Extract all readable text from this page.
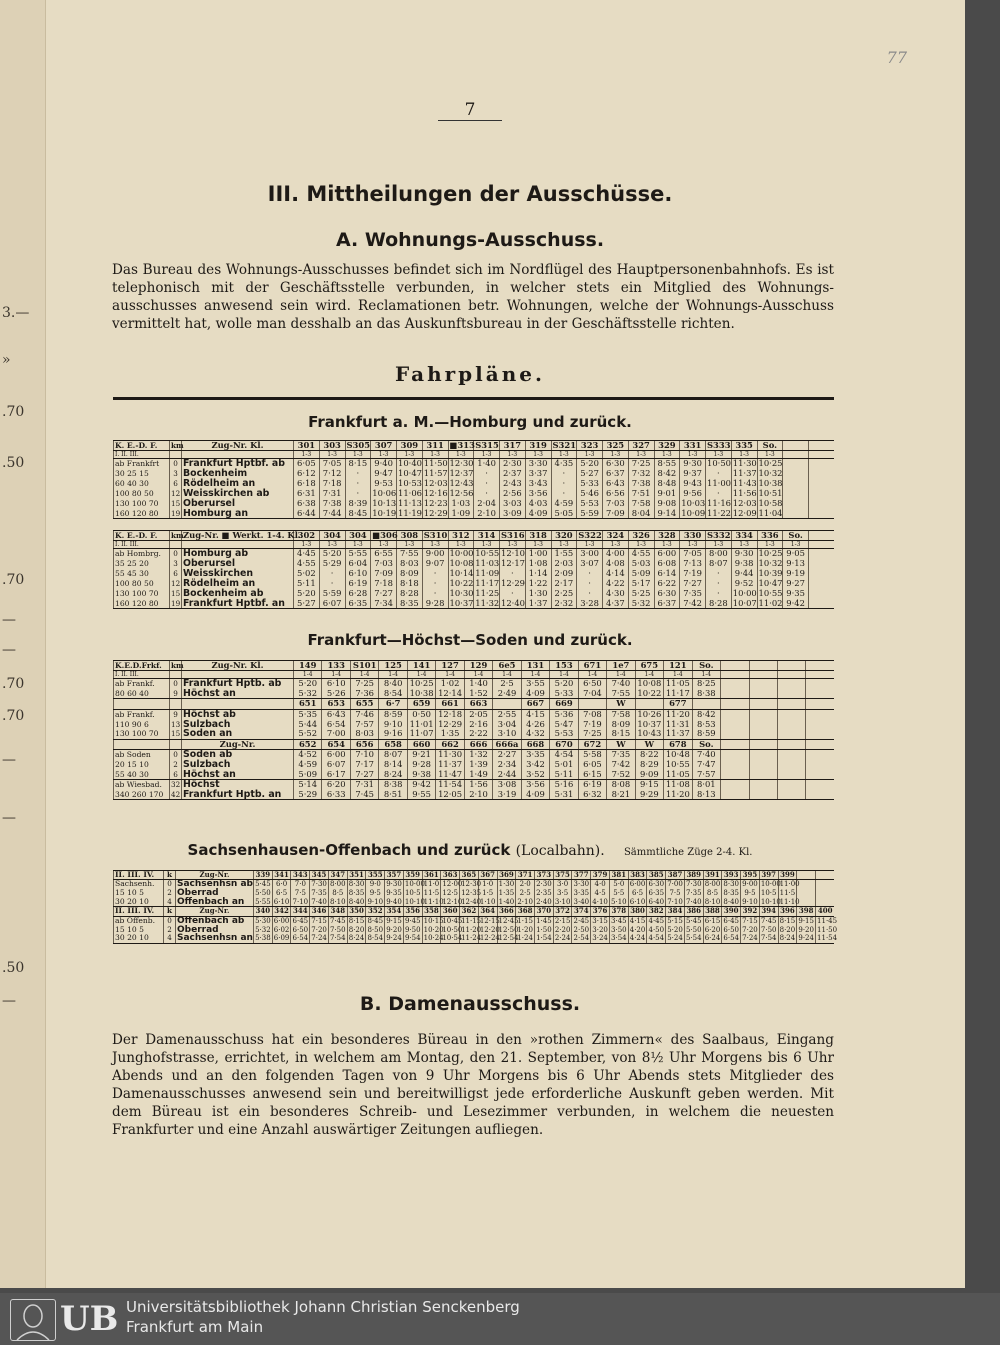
3.—
»
.70
.50
.70
—
—
.70
.70
—
—
.50
—
77
7
III. Mittheilungen der Ausschüsse.
A. Wohnungs-Ausschuss.
Das Bureau des Wohnungs-Ausschusses befindet sich im Nordflügel des Hauptpersonenbahnhofs. Es ist telephonisch mit der Geschäftsstelle verbunden, in welcher stets ein Mitglied des Wohnungs-ausschusses anwesend sein wird. Reclamationen betr. Wohnungen, welche der Wohnungs-Ausschuss vermittelt hat, wolle man desshalb an das Auskunftsbureau in der Geschäftsstelle richten.
Fahrpläne.
Frankfurt a. M.—Homburg und zurück.
K. E.-D. F.	km	Zug-Nr. Kl.	301	303	S305	307	309	311	■313	S315	317	319	S321	323	325	327	329	331	S333	335	So.		
I. II. III.			1-3	1-3	1-3	1-3	1-3	1-3	1-3	1-3	1-3	1-3	1-3	1-3	1-3	1-3	1-3	1-3	1-3	1-3	1-3		
ab Frankfrt	0	Frankfurt Hptbf. ab	6·05	7·05	8·15	9·40	10·40	11·50	12·30	1·40	2·30	3·30	4·35	5·20	6·30	7·25	8·55	9·30	10·50	11·30	10·25		
30 25 15	3	Bockenheim	6·12	7·12	·	9·47	10·47	11·57	12·37	·	2·37	3·37	·	5·27	6·37	7·32	8·42	9·37	·	11·37	10·32		
60 40 30	6	Rödelheim an	6·18	7·18	·	9·53	10·53	12·03	12·43	·	2·43	3·43	·	5·33	6·43	7·38	8·48	9·43	11·00	11·43	10·38		
100 80 50	12	Weisskirchen ab	6·31	7·31	·	10·06	11·06	12·16	12·56	·	2·56	3·56	·	5·46	6·56	7·51	9·01	9·56	·	11·56	10·51		
130 100 70	15	Oberursel	6·38	7·38	8·39	10·13	11·13	12·23	1·03	2·04	3·03	4·03	4·59	5·53	7·03	7·58	9·08	10·03	11·16	12·03	10·58		
160 120 80	19	Homburg an	6·44	7·44	8·45	10·19	11·19	12·29	1·09	2·10	3·09	4·09	5·05	5·59	7·09	8·04	9·14	10·09	11·22	12·09	11·04		
K. E.-D. F.	km	Zug-Nr. ■ Werkt. 1-4. Kl.	302	304	304	■306	308	S310	312	314	S316	318	320	S322	324	326	328	330	S332	334	336	So.	
I. II. III.			1-3	1-3	1-3	1-3	1-3	1-3	1-3	1-3	1-3	1-3	1-3	1-3	1-3	1-3	1-3	1-3	1-3	1-3	1-3	1-3	
ab Hombrg.	0	Homburg ab	4·45	5·20	5·55	6·55	7·55	9·00	10·00	10·55	12·10	1·00	1·55	3·00	4·00	4·55	6·00	7·05	8·00	9·30	10·25	9·05	
35 25 20	3	Oberursel	4·55	5·29	6·04	7·03	8·03	9·07	10·08	11·03	12·17	1·08	2·03	3·07	4·08	5·03	6·08	7·13	8·07	9·38	10·32	9·13	
55 45 30	6	Weisskirchen	5·02	·	6·10	7·09	8·09	·	10·14	11·09	·	1·14	2·09	·	4·14	5·09	6·14	7·19	·	9·44	10·39	9·19	
100 80 50	12	Rödelheim an	5·11	·	6·19	7·18	8·18	·	10·22	11·17	12·29	1·22	2·17	·	4·22	5·17	6·22	7·27	·	9·52	10·47	9·27	
130 100 70	15	Bockenheim ab	5·20	5·59	6·28	7·27	8·28	·	10·30	11·25	·	1·30	2·25	·	4·30	5·25	6·30	7·35	·	10·00	10·55	9·35	
160 120 80	19	Frankfurt Hptbf. an	5·27	6·07	6·35	7·34	8·35	9·28	10·37	11·32	12·40	1·37	2·32	3·28	4·37	5·32	6·37	7·42	8·28	10·07	11·02	9·42	
Frankfurt—Höchst—Soden und zurück.
K.E.D.Frkf.	km	Zug-Nr. Kl.	149	133	S101	125	141	127	129	6e5	131	153	671	1e7	675	121	So.				
I. II. III.			1-4	1-4	1-4	1-4	1-4	1-4	1-4	1-4	1-4	1-4	1-4	1-4	1-4	1-4	1-4				
ab Frankf.	0	Frankfurt Hptb. ab	5·20	6·10	7·25	8·40	10·25	1·02	1·40	2·5	3·55	5·20	6·50	7·40	10·08	11·05	8·25				
80 60 40	9	Höchst an	5·32	5·26	7·36	8·54	10·38	12·14	1·52	2·49	4·09	5·33	7·04	7·55	10·22	11·17	8·38				
			651	653	655	6·7	659	661	663		667	669		W		677					
ab Frankf.	9	Höchst ab	5·35	6·43	7·46	8·59	0·50	12·18	2·05	2·55	4·15	5·36	7·08	7·58	10·26	11·20	8·42				
110 90 6	13	Sulzbach	5·44	6·54	7·57	9·10	11·01	12·29	2·16	3·04	4·26	5·47	7·19	8·09	10·37	11·31	8·53				
130 100 70	15	Soden an	5·52	7·00	8·03	9·16	11·07	1·35	2·22	3·10	4·32	5·53	7·25	8·15	10·43	11·37	8·59				
		Zug-Nr.	652	654	656	658	660	662	666	666a	668	670	672	W	W	678	So.				
ab Soden	0	Soden ab	4·52	6·00	7·10	8·07	9·21	11·30	1·32	2·27	3·35	4·54	5·58	7·35	8·22	10·48	7·40				
20 15 10	2	Sulzbach	4·59	6·07	7·17	8·14	9·28	11·37	1·39	2·34	3·42	5·01	6·05	7·42	8·29	10·55	7·47				
55 40 30	6	Höchst an	5·09	6·17	7·27	8·24	9·38	11·47	1·49	2·44	3·52	5·11	6·15	7·52	9·09	11·05	7·57				
ab Wiesbad.	32	Höchst	5·14	6·20	7·31	8·38	9·42	11·54	1·56	3·08	3·56	5·16	6·19	8·08	9·15	11·08	8·01				
340 260 170	42	Frankfurt Hptb. an	5·29	6·33	7·45	8·51	9·55	12·05	2·10	3·19	4·09	5·31	6·32	8·21	9·29	11·20	8·13				
Sachsenhausen-Offenbach und zurück (Localbahn). Sämmtliche Züge 2-4. Kl.
II. III. IV.	k	Zug-Nr.	339	341	343	345	347	351	355	357	359	361	363	365	367	369	371	373	375	377	379	381	383	385	387	389	391	393	395	397	399		
Sachsenh.	0	Sachsenhsn ab	5·45	6·0	7·0	7·30	8·00	8·30	9·0	9·30	10·00	11·0	12·00	12·30	1·0	1·30	2·0	2·30	3·0	3·30	4·0	5·0	6·00	6·30	7·00	7·30	8·00	8·30	9·00	10·00	11·00		
15 10 5	2	Oberrad	5·50	6·5	7·5	7·35	8·5	8·35	9·5	9·35	10·5	11·5	12·5	12·35	1·5	1·35	2·5	2·35	3·5	3·35	4·5	5·5	6·5	6·35	7·5	7·35	8·5	8·35	9·5	10·5	11·5		
30 20 10	4	Offenbach an	5·55	6·10	7·10	7·40	8·10	8·40	9·10	9·40	10·10	11·10	12·10	12·40	1·10	1·40	2·10	2·40	3·10	3·40	4·10	5·10	6·10	6·40	7·10	7·40	8·10	8·40	9·10	10·10	11·10		
II. III. IV.	k	Zug-Nr.	340	342	344	346	348	350	352	354	356	358	360	362	364	366	368	370	372	374	376	378	380	382	384	386	388	390	392	394	396	398	400
ab Offenb.	0	Offenbach ab	5·30	6·00	6·45	7·15	7·45	8·15	8·45	9·15	9·45	10·15	10·45	11·15	12·15	12·45	1·15	1·45	2·15	2·45	3·15	3·45	4·15	4·45	5·15	5·45	6·15	6·45	7·15	7·45	8·15	9·15	11·45
15 10 5	2	Oberrad	5·32	6·02	6·50	7·20	7·50	8·20	8·50	9·20	9·50	10·20	10·50	11·20	12·20	12·50	1·20	1·50	2·20	2·50	3·20	3·50	4·20	4·50	5·20	5·50	6·20	6·50	7·20	7·50	8·20	9·20	11·50
30 20 10	4	Sachsenhsn an	5·38	6·09	6·54	7·24	7·54	8·24	8·54	9·24	9·54	10·24	10·54	11·24	12·24	12·54	1·24	1·54	2·24	2·54	3·24	3·54	4·24	4·54	5·24	5·54	6·24	6·54	7·24	7·54	8·24	9·24	11·54
B. Damenausschuss.
Der Damenausschuss hat ein besonderes Büreau in den »rothen Zimmern« des Saalbaus, Eingang Junghofstrasse, errichtet, in welchem am Montag, den 21. September, von 8½ Uhr Morgens bis 6 Uhr Abends und an den folgenden Tagen von 9 Uhr Morgens bis 6 Uhr Abends stets Mitglieder des Damenausschusses anwesend sein und bereitwilligst jede erforderliche Auskunft geben werden. Mit dem Büreau ist ein besonderes Schreib- und Lesezimmer verbunden, in welchem die neuesten Frankfurter und eine Anzahl auswärtiger Zeitungen aufliegen.
UB Universitätsbibliothek Johann Christian Senckenberg
Frankfurt am Main
